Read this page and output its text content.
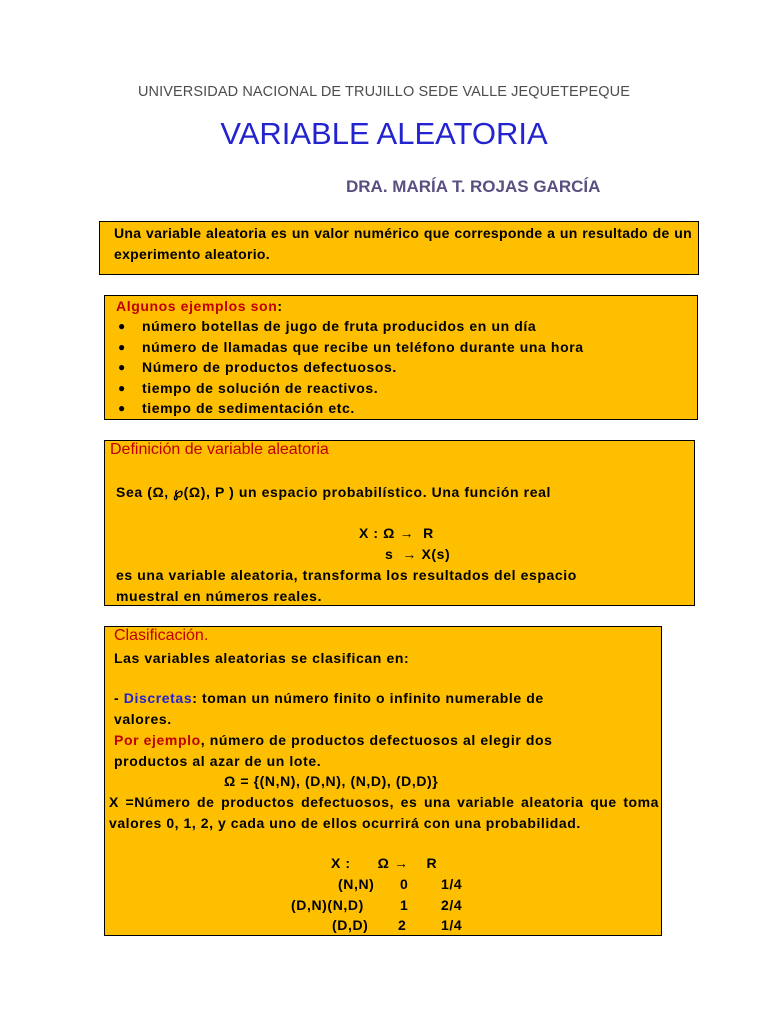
UNIVERSIDAD NACIONAL DE TRUJILLO SEDE VALLE JEQUETEPEQUE
VARIABLE ALEATORIA
DRA. MARÍA T. ROJAS GARCÍA
Una variable aleatoria es un valor numérico que corresponde a un resultado de un experimento aleatorio.
Algunos ejemplos son:
● número botellas de jugo de fruta producidos en un día
● número de llamadas que recibe un teléfono durante una hora
● Número de productos defectuosos.
● tiempo de solución de reactivos.
● tiempo de sedimentación etc.
Definición de variable aleatoria
Sea (Ω, ℘(Ω), P ) un espacio probabilístico. Una función real
X : Ω →  R
s  → X(s)
es una variable aleatoria, transforma los resultados del espacio
muestral en números reales.
Clasificación.
Las variables aleatorias se clasifican en:
- Discretas: toman un número finito o infinito numerable de
valores.
Por ejemplo, número de productos defectuosos al elegir dos
productos al azar de un lote.
Ω = {(N,N), (D,N), (N,D), (D,D)}
X =Número de productos defectuosos, es una variable aleatoria que toma valores 0, 1, 2, y cada uno de ellos ocurrirá con una probabilidad.
X :      Ω →    R

(N,N)

0

1/4

(D,N)(N,D)

	1

2/4

(D,D)

2

1/4
